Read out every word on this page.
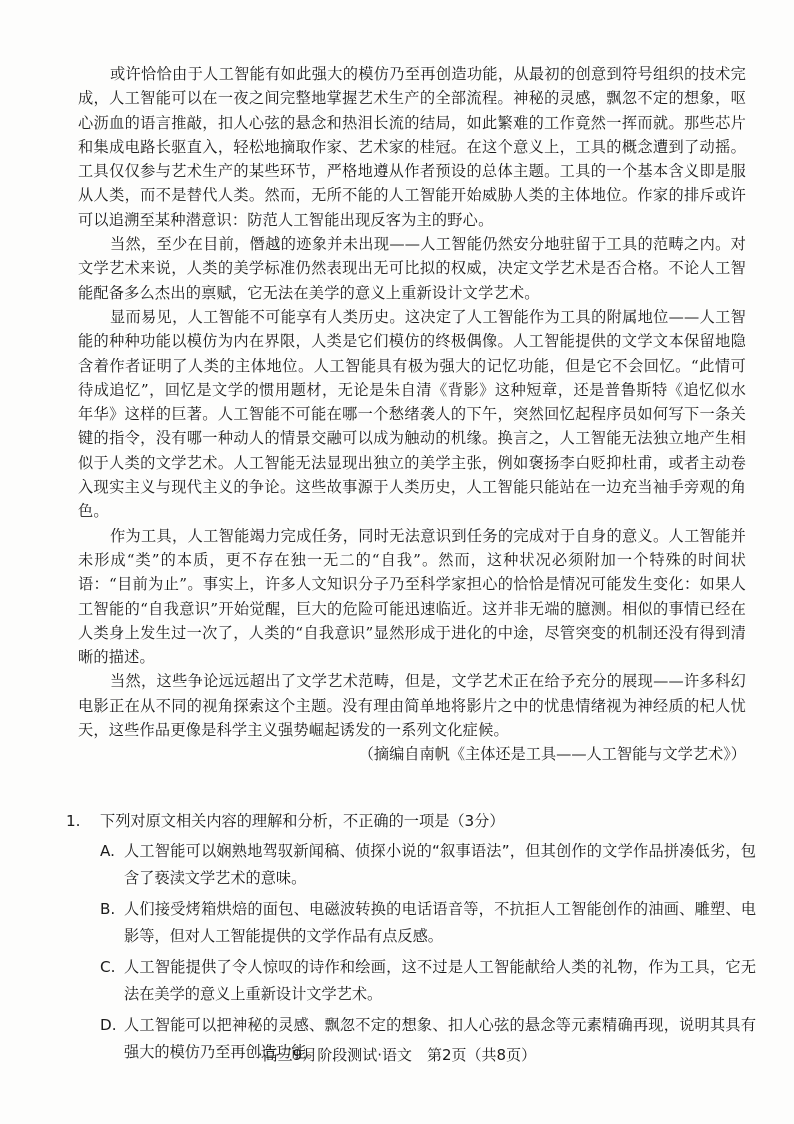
或许恰恰由于人工智能有如此强大的模仿乃至再创造功能，从最初的创意到符号组织的技术完成，人工智能可以在一夜之间完整地掌握艺术生产的全部流程。神秘的灵感，飘忽不定的想象，呕心沥血的语言推敲，扣人心弦的悬念和热泪长流的结局，如此繁难的工作竟然一挥而就。那些芯片和集成电路长驱直入，轻松地摘取作家、艺术家的桂冠。在这个意义上，工具的概念遭到了动摇。工具仅仅参与艺术生产的某些环节，严格地遵从作者预设的总体主题。工具的一个基本含义即是服从人类，而不是替代人类。然而，无所不能的人工智能开始威胁人类的主体地位。作家的排斥或许可以追溯至某种潜意识：防范人工智能出现反客为主的野心。

当然，至少在目前，僭越的迹象并未出现——人工智能仍然安分地驻留于工具的范畴之内。对文学艺术来说，人类的美学标准仍然表现出无可比拟的权威，决定文学艺术是否合格。不论人工智能配备多么杰出的禀赋，它无法在美学的意义上重新设计文学艺术。

显而易见，人工智能不可能享有人类历史。这决定了人工智能作为工具的附属地位——人工智能的种种功能以模仿为内在界限，人类是它们模仿的终极偶像。人工智能提供的文学文本保留地隐含着作者证明了人类的主体地位。人工智能具有极为强大的记忆功能，但是它不会回忆。“此情可待成追忆”，回忆是文学的惯用题材，无论是朱自清《背影》这种短章，还是普鲁斯特《追忆似水年华》这样的巨著。人工智能不可能在哪一个愁绪袭人的下午，突然回忆起程序员如何写下一条关键的指令，没有哪一种动人的情景交融可以成为触动的机缘。换言之，人工智能无法独立地产生相似于人类的文学艺术。人工智能无法显现出独立的美学主张，例如褒扬李白贬抑杜甫，或者主动卷入现实主义与现代主义的争论。这些故事源于人类历史，人工智能只能站在一边充当袖手旁观的角色。

作为工具，人工智能竭力完成任务，同时无法意识到任务的完成对于自身的意义。人工智能并未形成“类”的本质，更不存在独一无二的“自我”。然而，这种状况必须附加一个特殊的时间状语：“目前为止”。事实上，许多人文知识分子乃至科学家担心的恰恰是情况可能发生变化：如果人工智能的“自我意识”开始觉醒，巨大的危险可能迅速临近。这并非无端的臆测。相似的事情已经在人类身上发生过一次了，人类的“自我意识”显然形成于进化的中途，尽管突变的机制还没有得到清晰的描述。

当然，这些争论远远超出了文学艺术范畴，但是，文学艺术正在给予充分的展现——许多科幻电影正在从不同的视角探索这个主题。没有理由简单地将影片之中的忧患情绪视为神经质的杞人忧天，这些作品更像是科学主义强势崛起诱发的一系列文化症候。

（摘编自南帆《主体还是工具——人工智能与文学艺术》）

1. 下列对原文相关内容的理解和分析，不正确的一项是（3分）

A. 人工智能可以娴熟地驾驭新闻稿、侦探小说的“叙事语法”，但其创作的文学作品拼凑低劣，包含了亵渎文学艺术的意味。
B. 人们接受烤箱烘焙的面包、电磁波转换的电话语音等，不抗拒人工智能创作的油画、雕塑、电影等，但对人工智能提供的文学作品有点反感。
C. 人工智能提供了令人惊叹的诗作和绘画，这不过是人工智能献给人类的礼物，作为工具，它无法在美学的意义上重新设计文学艺术。
D. 人工智能可以把神秘的灵感、飘忽不定的想象、扣人心弦的悬念等元素精确再现，说明其具有强大的模仿乃至再创造功能。
·高三9月阶段测试·语文　第2页（共8页）
